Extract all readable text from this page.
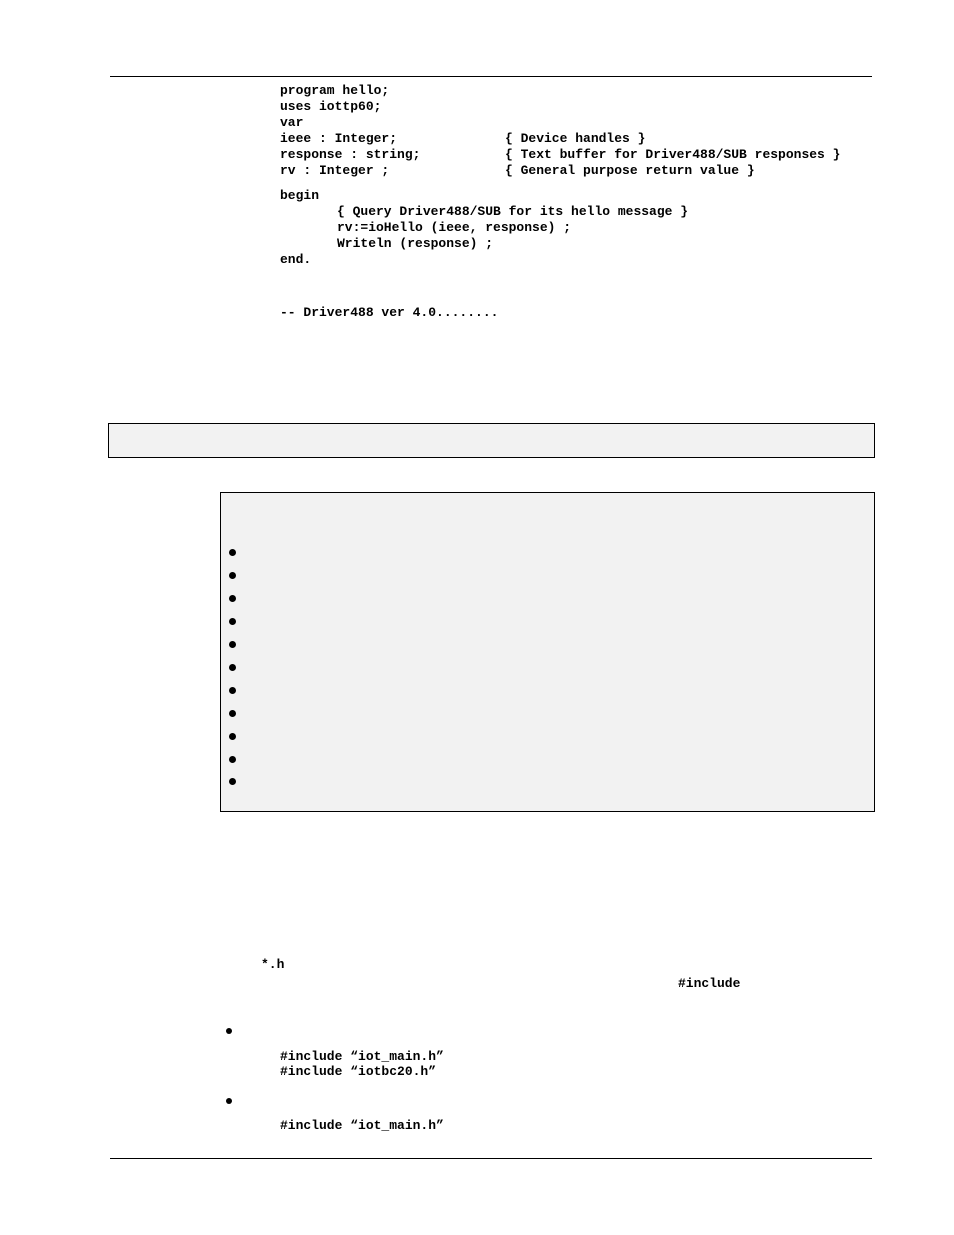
program hello;
uses iottp60;
var
ieee : Integer;
response : string;
rv : Integer ;
{ Device handles }
{ Text buffer for Driver488/SUB responses }
{ General purpose return value }
begin
{ Query Driver488/SUB for its hello message }
rv:=ioHello (ieee, response) ;
Writeln (response) ;
end.
-- Driver488 ver 4.0........
*.h
#include
#include “iot_main.h”
#include “iotbc20.h”
#include “iot_main.h”
